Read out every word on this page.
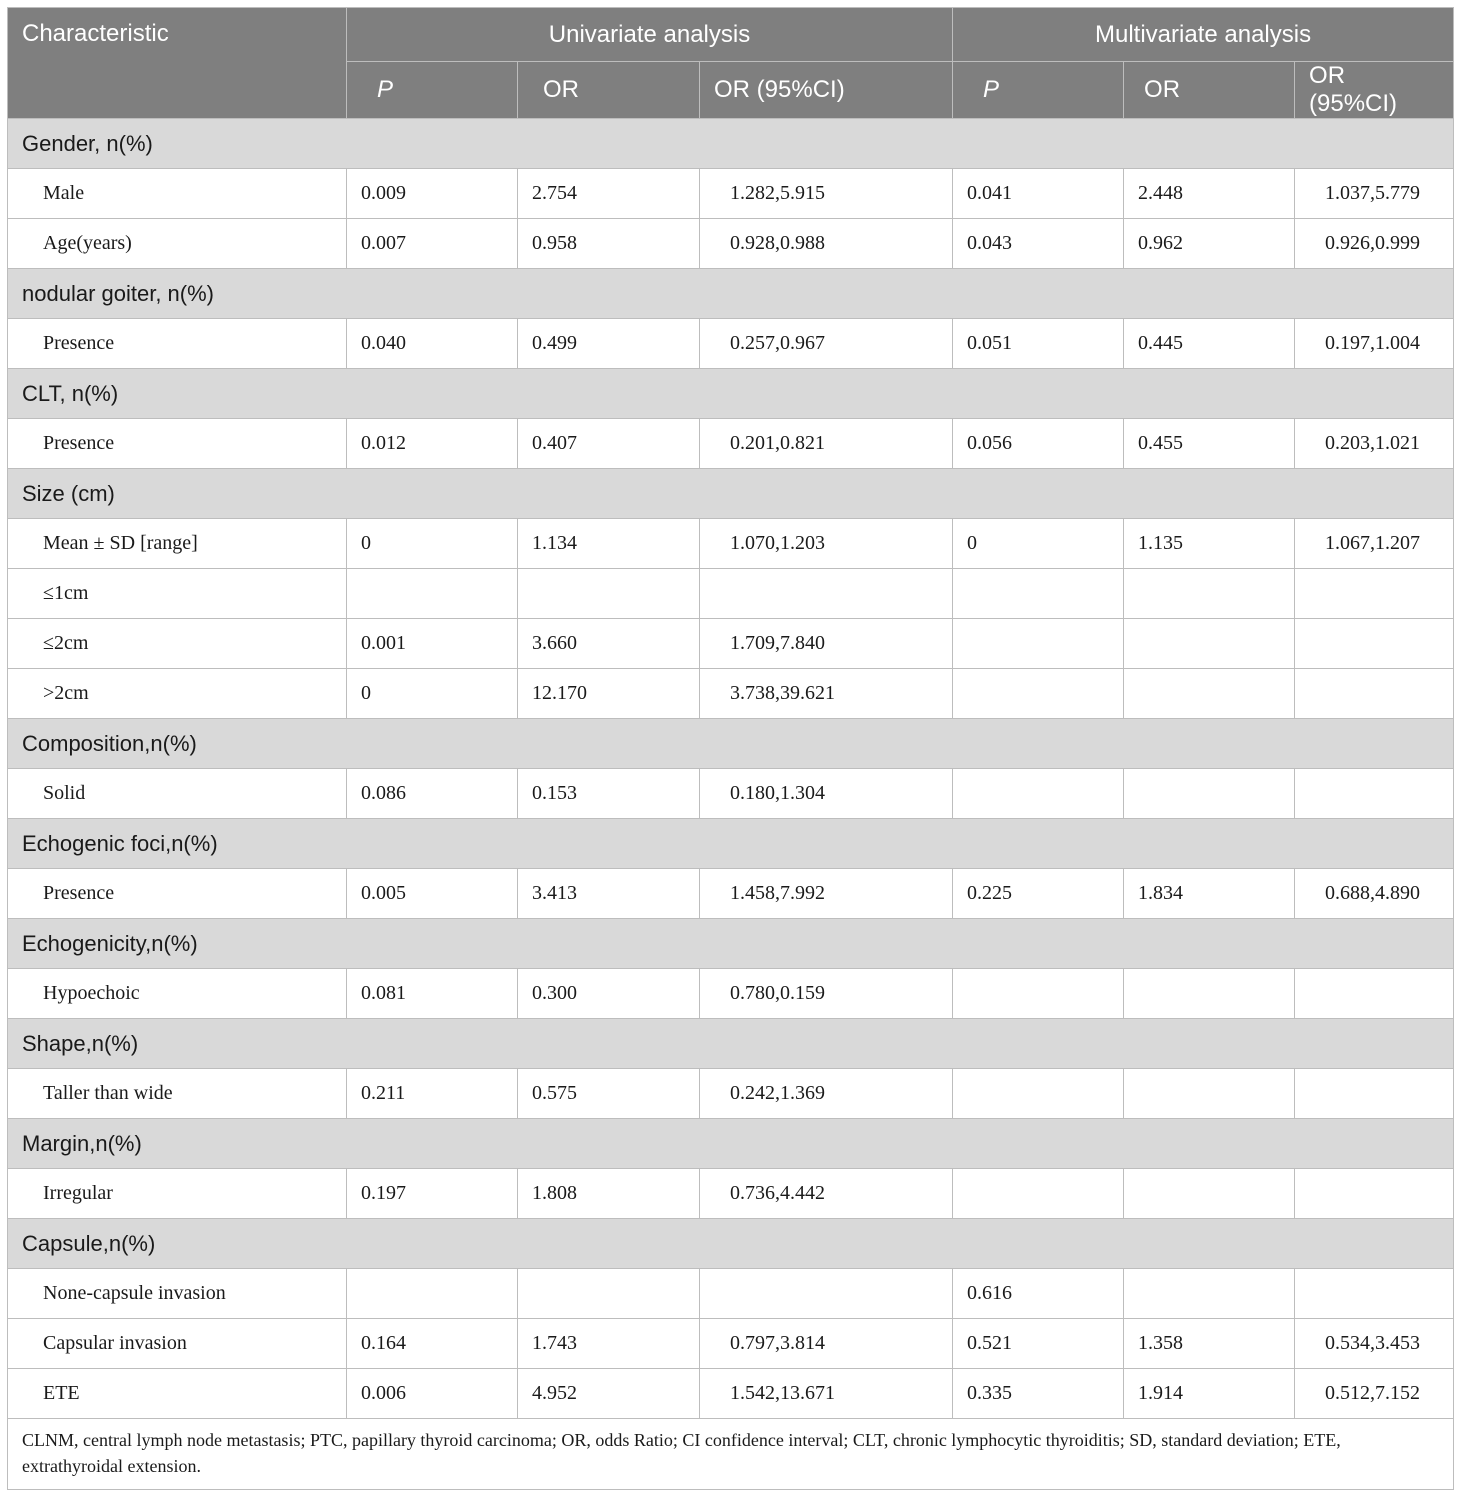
Characteristic	Univariate analysis			Multivariate analysis		
	P	OR	OR (95%CI)	P	OR	OR (95%CI)
Gender, n(%)						
Male	0.009	2.754	1.282,5.915	0.041	2.448	1.037,5.779
Age(years)	0.007	0.958	0.928,0.988	0.043	0.962	0.926,0.999
nodular goiter, n(%)						
Presence	0.040	0.499	0.257,0.967	0.051	0.445	0.197,1.004
CLT, n(%)						
Presence	0.012	0.407	0.201,0.821	0.056	0.455	0.203,1.021
Size (cm)						
Mean ± SD [range]	0	1.134	1.070,1.203	0	1.135	1.067,1.207
≤1cm						
≤2cm	0.001	3.660	1.709,7.840			
>2cm	0	12.170	3.738,39.621			
Composition,n(%)						
Solid	0.086	0.153	0.180,1.304			
Echogenic foci,n(%)						
Presence	0.005	3.413	1.458,7.992	0.225	1.834	0.688,4.890
Echogenicity,n(%)						
Hypoechoic	0.081	0.300	0.780,0.159			
Shape,n(%)						
Taller than wide	0.211	0.575	0.242,1.369			
Margin,n(%)						
Irregular	0.197	1.808	0.736,4.442			
Capsule,n(%)						
None-capsule invasion				0.616		
Capsular invasion	0.164	1.743	0.797,3.814	0.521	1.358	0.534,3.453
ETE	0.006	4.952	1.542,13.671	0.335	1.914	0.512,7.152
CLNM, central lymph node metastasis; PTC, papillary thyroid carcinoma; OR, odds Ratio; CI confidence interval; CLT, chronic lymphocytic thyroiditis; SD, standard deviation; ETE, extrathyroidal extension.						
